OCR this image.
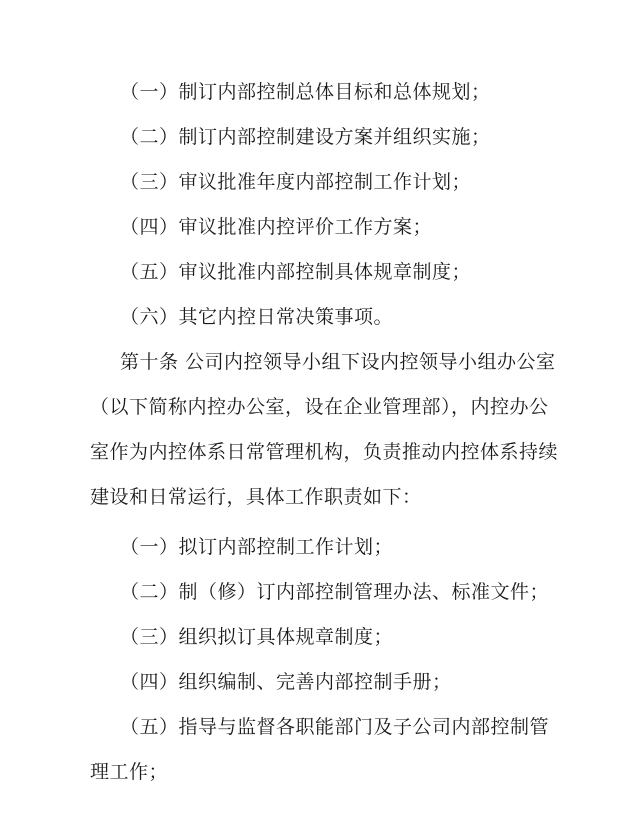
（一）制订内部控制总体目标和总体规划；
（二）制订内部控制建设方案并组织实施；
（三）审议批准年度内部控制工作计划；
（四）审议批准内控评价工作方案；
（五）审议批准内部控制具体规章制度；
（六）其它内控日常决策事项。
第十条 公司内控领导小组下设内控领导小组办公室
（以下简称内控办公室，设在企业管理部），内控办公
室作为内控体系日常管理机构，负责推动内控体系持续
建设和日常运行，具体工作职责如下：
（一）拟订内部控制工作计划；
（二）制（修）订内部控制管理办法、标准文件；
（三）组织拟订具体规章制度；
（四）组织编制、完善内部控制手册；
（五）指导与监督各职能部门及子公司内部控制管
理工作；
